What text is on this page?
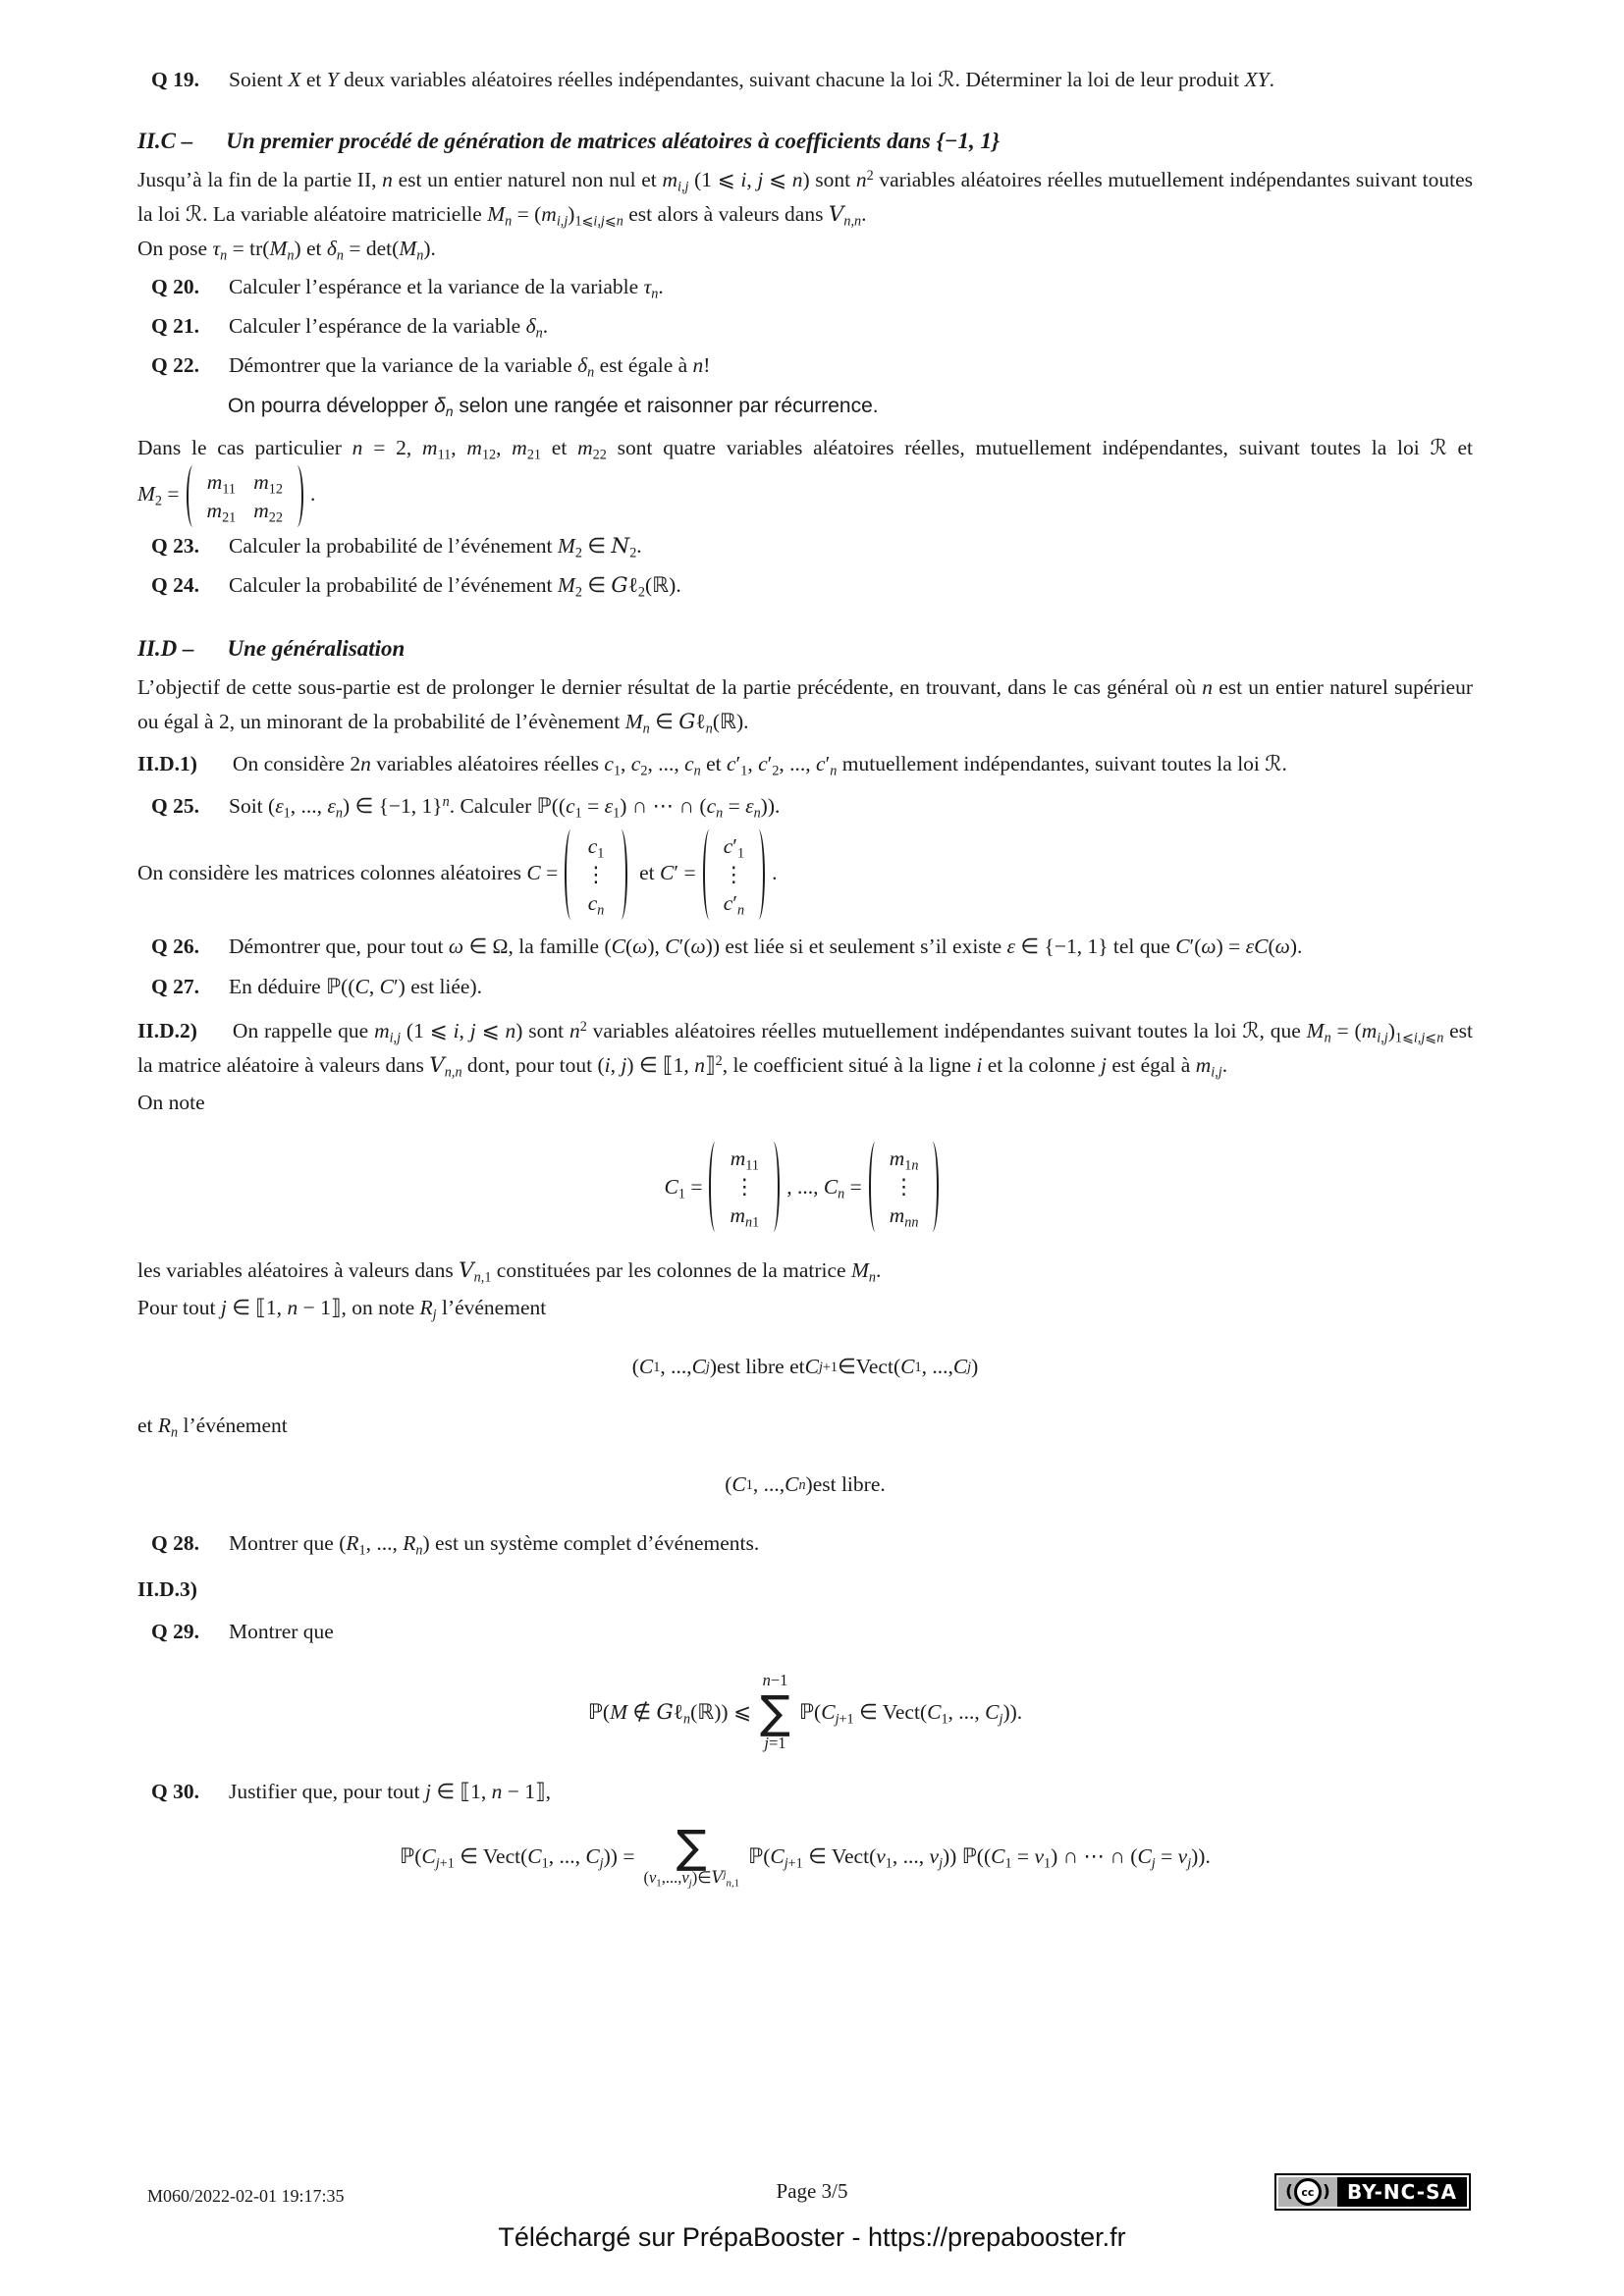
Q 19. Soient X et Y deux variables aléatoires réelles indépendantes, suivant chacune la loi ℛ. Déterminer la loi de leur produit XY.

II.C – Un premier procédé de génération de matrices aléatoires à coefficients dans {−1, 1}

Jusqu’à la fin de la partie II, n est un entier naturel non nul et $m_{i,j}$ (1 ⩽ i, j ⩽ n) sont $n^2$ variables aléatoires réelles mutuellement indépendantes suivant toutes la loi ℛ. La variable aléatoire matricielle $M_n = (m_{i,j})_{1⩽i,j⩽n}$ est alors à valeurs dans $V_{n,n}$.

On pose $\tau_n = tr(M_n)$ et $\delta_n = \det(M_n)$.

Q 20. Calculer l’espérance et la variance de la variable $\tau_n$.

Q 21. Calculer l’espérance de la variable $\delta_n$.

Q 22. Démontrer que la variance de la variable $\delta_n$ est égale à n!

On pourra développer $\delta_n$ selon une rangée et raisonner par récurrence.

Dans le cas particulier n = 2, $m_{11}$, $m_{12}$, $m_{21}$ et $m_{22}$ sont quatre variables aléatoires réelles, mutuellement indépendantes, suivant toutes la loi ℛ et $M_2$ =
$m_{11}$ $m_{12}$
$m_{21}$ $m_{22}$
.

Q 23. Calculer la probabilité de l’événement $M_2$ ∈ $N_2$.

Q 24. Calculer la probabilité de l’événement $M_2$ ∈ Gℓ$_2$(ℝ).

II.D – Une généralisation

L’objectif de cette sous-partie est de prolonger le dernier résultat de la partie précédente, en trouvant, dans le cas général où n est un entier naturel supérieur ou égal à 2, un minorant de la probabilité de l’évènement $M_n$ ∈ Gℓ$_n$(ℝ).

II.D.1) On considère 2n variables aléatoires réelles $c_1$, $c_2$, ..., $c_n$ et $c'_1$, $c'_2$, ..., $c'_n$ mutuellement indépendantes, suivant toutes la loi ℛ.

Q 25. Soit ($\varepsilon_1$, ..., $\varepsilon_n$) ∈ {−1, 1}$^n$. Calculer $ℙ((c_1 = \varepsilon_1)$ ∩ ⋯ ∩ $(c_n = \varepsilon_n)$).

On considère les matrices colonnes aléatoires C =
$c_1$
⋮
$c_n$
et C′ =
$c'_1$
⋮
$c'_n$
.

Q 26. Démontrer que, pour tout ω ∈ Ω, la famille (C(ω), C′(ω)) est liée si et seulement s’il existe ε ∈ {−1, 1} tel que C′(ω) = εC(ω).

Q 27. En déduire ℙ((C, C′) est liée).

II.D.2) On rappelle que $m_{i,j}$ (1 ⩽ i, j ⩽ n) sont $n^2$ variables aléatoires réelles mutuellement indépendantes suivant toutes la loi ℛ, que $M_n = (m_{i,j})_{1⩽i,j⩽n}$ est la matrice aléatoire à valeurs dans $V_{n,n}$ dont, pour tout (i, j) ∈ ⟦1, n⟧$^2$, le coefficient situé à la ligne i et la colonne j est égal à $m_{i,j}$.

On note

$C_1$ =
$m_{11}$
⋮
$m_{n1}$
, ..., $C_n$ =
$m_{1n}$
⋮
$m_{nn}$

les variables aléatoires à valeurs dans $V_{n,1}$ constituées par les colonnes de la matrice $M_n$.

Pour tout j ∈ ⟦1, n − 1⟧, on note $R_j$ l’événement

( C 1 , ..., C j ) est libre et C j+1 ∈ Vect ( C 1 , ..., C j )

et $R_n$ l’événement

( C 1 , ..., C n ) est libre.

Q 28. Montrer que ($R_1$, ..., $R_n$) est un système complet d’événements.

II.D.3)

Q 29. Montrer que

ℙ(M ∉ Gℓ$_n$(ℝ)) ⩽
n−1
∑
j=1
$ℙ(C_{j+1}$ ∈ $Vect(C_1$, ..., $C_j$)).

Q 30. Justifier que, pour tout j ∈ ⟦1, n − 1⟧,

$ℙ(C_{j+1}$ ∈ $Vect(C_1$, ..., $C_j$)) = ∑
$(v_1,...,v_j)\in V^j_{n,1}$
$ℙ(C_{j+1}$ ∈ $Vect(v_1$, ..., $v_j$)) $ℙ((C_1 = v_1)$ ∩ ⋯ ∩ $(C_j = v_j)$).
M060/2022-02-01 19:17:35	Page 3/5	( cc ) BY-NC-SA
Téléchargé sur PrépaBooster - https://prepabooster.fr
